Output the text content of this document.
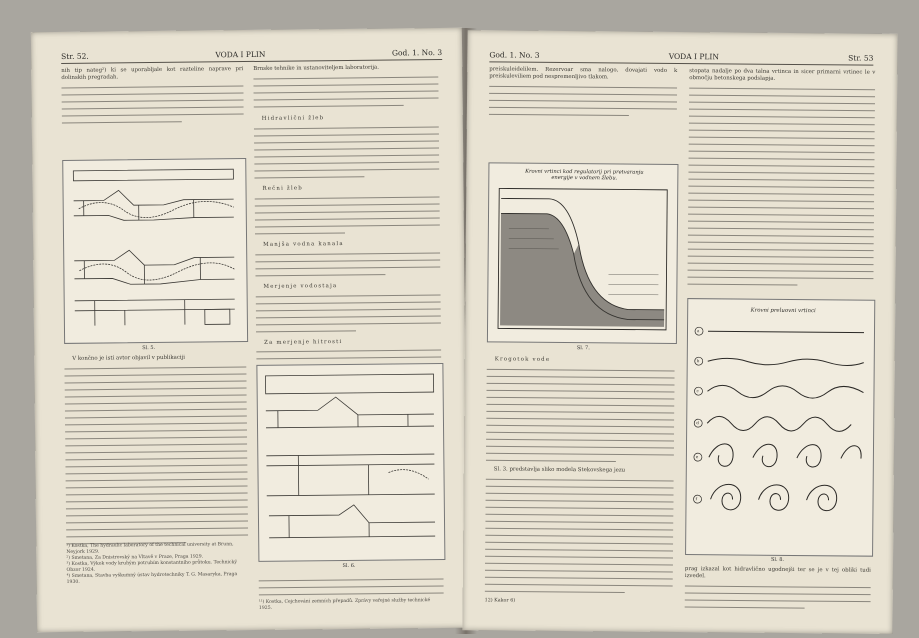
Str. 52.	VODA I PLIN	God. 1. No. 3

nih tip nateg²) ki se uporabljale kot razteline naprave pri dolinskih pregradah.

Brnske tehnike in ustanoviteljem laboratorija.

Hidravlični žleb

Rečni žleb

Manjša vodna kanala

Merjenje vodostaja

Za merjenje hitrosti

Sl. 5.

V končno je isti avtor objavil v publikaciji

Sl. 6.
¹) Kostka, The hydraulic laboratory of the technical university at Brunn, Neyjork 1929.
²) Smetana, Za Dnistrovský na Vltavě v Praze, Praga 1929.
³) Kostka, Výkok vody kruhým potrubím konstantního průtoku. Technický Obzor 1924.
⁴) Smetana, Stavba vyškumný ústav hydrotechniky T. G. Masaryka, Praga 1930.
¹¹) Kostka, Cejchování zemních přepadů. Zprávy veřejné služby technické 1925.
God. 1. No. 3	VODA I PLIN	Str. 53

preiskuleidelilem. Rezervoar sma nalogo, dovajati vodo k preiskuleviliem pod nespremenljivo tlakom.

Krovni vrtinci kod regulatorij pri pretvaranju energije v vodnem žlebu.
Sl. 7.

Krogotok vode

Sl. 3. predstavlja sliko modela Stekovskega jezu

12) Kakor 6)

stopata nadalje po dva talna vrtinca in sicer primarni vrtinec le v območju betonskega podslapja.

Krovni preluovni vrtinci
a
b
c
d
e
f
Sl. 8.

prag izkazal kot hidravlično ugodnejši ter se je v tej obliki tudi izvedel.
